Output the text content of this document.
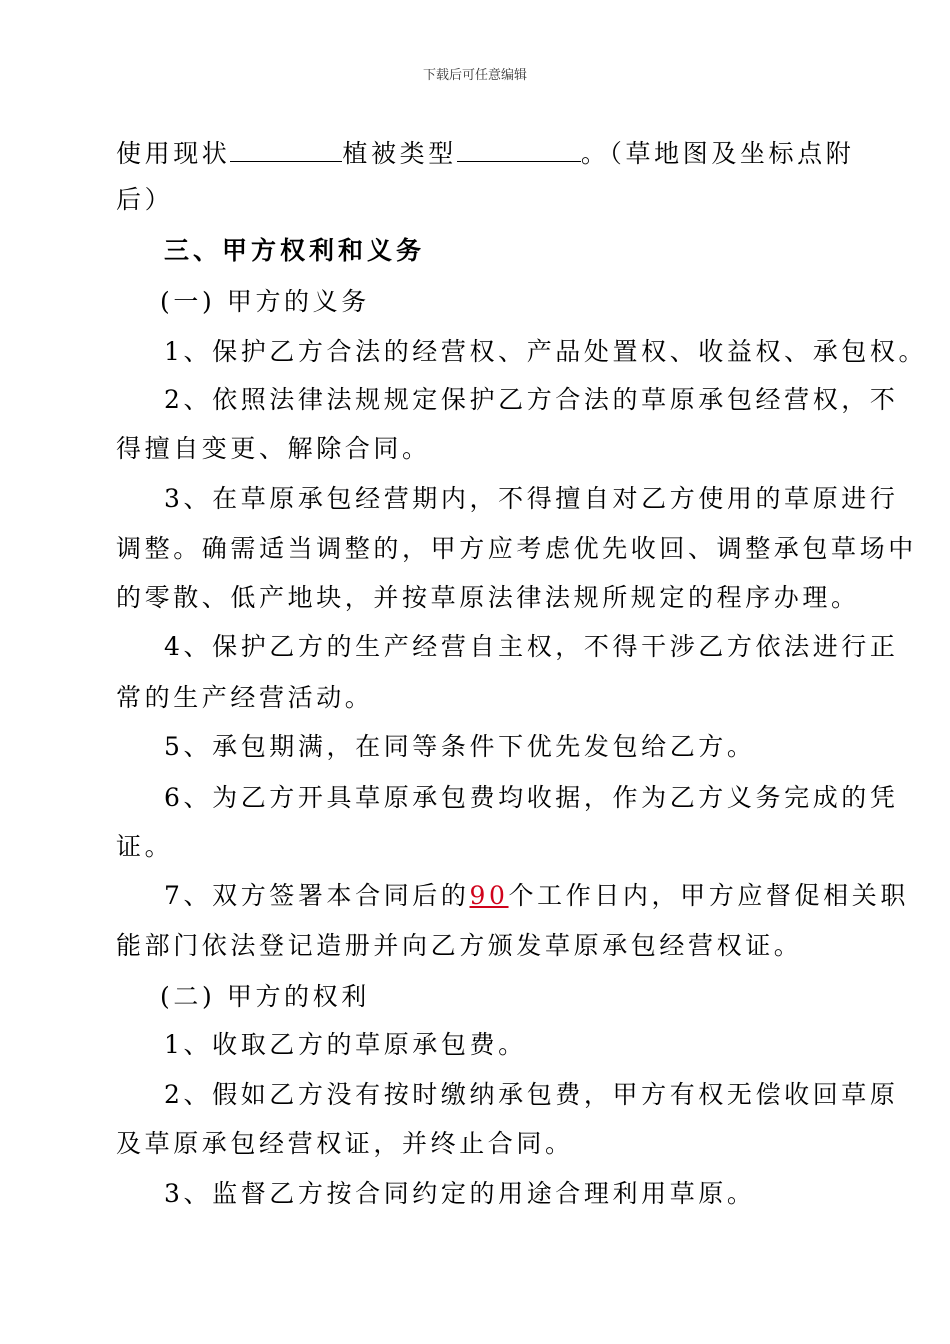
下载后可任意编辑
使用现状	植被类型	。（草地图及坐标点附
后）
三、甲方权利和义务
(一) 甲方的义务
1、保护乙方合法的经营权、产品处置权、收益权、承包权。
2、依照法律法规规定保护乙方合法的草原承包经营权，不
得擅自变更、解除合同。
3、在草原承包经营期内，不得擅自对乙方使用的草原进行
调整。确需适当调整的，甲方应考虑优先收回、调整承包草场中
的零散、低产地块，并按草原法律法规所规定的程序办理。
4、保护乙方的生产经营自主权，不得干涉乙方依法进行正
常的生产经营活动。
5、承包期满，在同等条件下优先发包给乙方。
6、为乙方开具草原承包费均收据，作为乙方义务完成的凭
证。
7、双方签署本合同后的90个工作日内，甲方应督促相关职
能部门依法登记造册并向乙方颁发草原承包经营权证。
(二) 甲方的权利
1、收取乙方的草原承包费。
2、假如乙方没有按时缴纳承包费，甲方有权无偿收回草原
及草原承包经营权证，并终止合同。
3、监督乙方按合同约定的用途合理利用草原。
